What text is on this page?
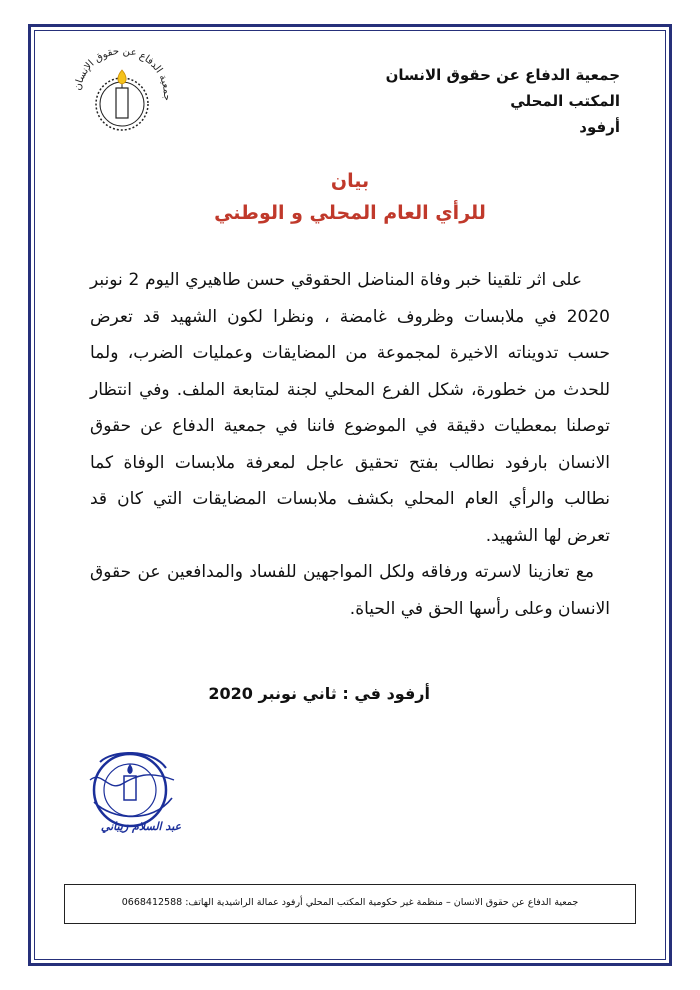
جمعية الدفاع عن حقوق الإنسان
جمعية الدفاع عن حقوق الانسان
المكتب المحلي
أرفود
بيان
للرأي العام المحلي و الوطني

على اثر تلقينا خبر وفاة المناضل الحقوقي حسن طاهيري اليوم 2 نونبر 2020 في ملابسات وظروف غامضة ، ونظرا لكون الشهيد قد تعرض حسب تدويناته الاخيرة لمجموعة من المضايقات وعمليات الضرب، ولما للحدث من خطورة، شكل الفرع المحلي لجنة لمتابعة الملف. وفي انتظار توصلنا بمعطيات دقيقة في الموضوع فاننا في جمعية الدفاع عن حقوق الانسان بارفود نطالب بفتح تحقيق عاجل لمعرفة ملابسات الوفاة كما نطالب والرأي العام المحلي بكشف ملابسات المضايقات التي كان قد تعرض لها الشهيد.

مع تعازينا لاسرته ورفاقه ولكل المواجهين للفساد والمدافعين عن حقوق الانسان وعلى رأسها الحق في الحياة.

أرفود في : ثاني نونبر 2020
عبد السلام زيباني
جمعية الدفاع عن حقوق الانسان – منظمة غير حكومية المكتب المحلي أرفود عمالة الراشيدية الهاتف: 0668412588
